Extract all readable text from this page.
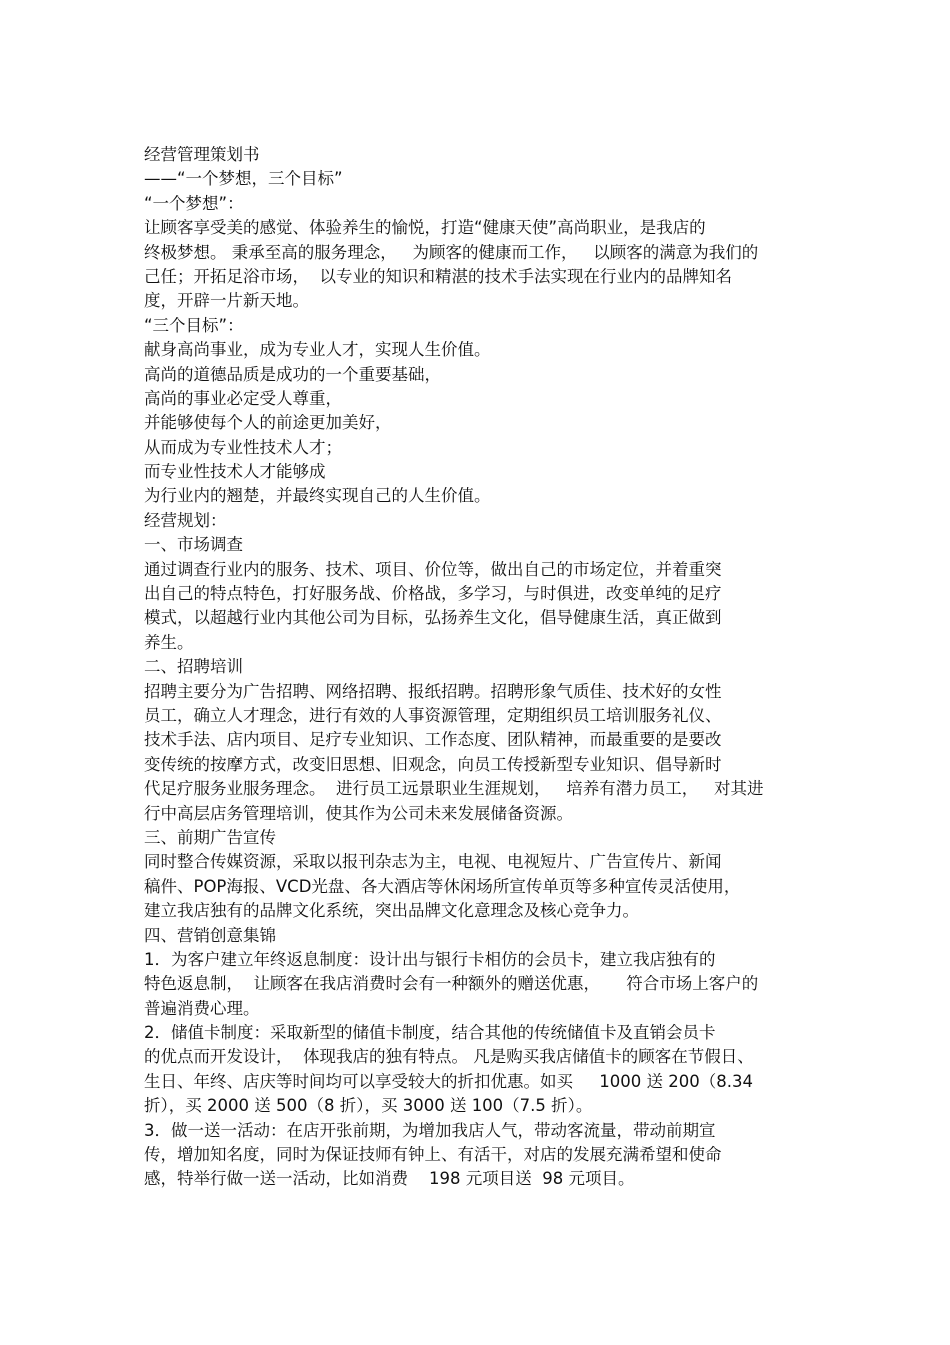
经营管理策划书
——“一个梦想，三个目标”
“一个梦想”：
让顾客享受美的感觉、体验养生的愉悦，打造“健康天使”高尚职业，是我店的
终极梦想。 秉承至高的服务理念，   为顾客的健康而工作，   以顾客的满意为我们的
己任；开拓足浴市场，  以专业的知识和精湛的技术手法实现在行业内的品牌知名
度，开辟一片新天地。
“三个目标”：
献身高尚事业，成为专业人才，实现人生价值。
高尚的道德品质是成功的一个重要基础，
高尚的事业必定受人尊重，
并能够使每个人的前途更加美好，
从而成为专业性技术人才；
而专业性技术人才能够成
为行业内的翘楚，并最终实现自己的人生价值。
经营规划：
一、市场调查
通过调查行业内的服务、技术、项目、价位等，做出自己的市场定位，并着重突
出自己的特点特色，打好服务战、价格战，多学习，与时俱进，改变单纯的足疗
模式，以超越行业内其他公司为目标，弘扬养生文化，倡导健康生活，真正做到
养生。
二、招聘培训
招聘主要分为广告招聘、网络招聘、报纸招聘。招聘形象气质佳、技术好的女性
员工，确立人才理念，进行有效的人事资源管理，定期组织员工培训服务礼仪、
技术手法、店内项目、足疗专业知识、工作态度、团队精神，而最重要的是要改
变传统的按摩方式，改变旧思想、旧观念，向员工传授新型专业知识、倡导新时
代足疗服务业服务理念。  进行员工远景职业生涯规划，   培养有潜力员工，   对其进
行中高层店务管理培训，使其作为公司未来发展储备资源。
三、前期广告宣传
同时整合传媒资源，采取以报刊杂志为主，电视、电视短片、广告宣传片、新闻
稿件、POP海报、VCD光盘、各大酒店等休闲场所宣传单页等多种宣传灵活使用，
建立我店独有的品牌文化系统，突出品牌文化意理念及核心竞争力。
四、营销创意集锦
1．为客户建立年终返息制度：设计出与银行卡相仿的会员卡，建立我店独有的
特色返息制，  让顾客在我店消费时会有一种额外的赠送优惠，     符合市场上客户的
普遍消费心理。
2．储值卡制度：采取新型的储值卡制度，结合其他的传统储值卡及直销会员卡
的优点而开发设计，  体现我店的独有特点。 凡是购买我店储值卡的顾客在节假日、
生日、年终、店庆等时间均可以享受较大的折扣优惠。如买     1000 送 200（8.34
折），买 2000 送 500（8 折），买 3000 送 100（7.5 折）。
3．做一送一活动：在店开张前期，为增加我店人气，带动客流量，带动前期宣
传，增加知名度，同时为保证技师有钟上、有活干，对店的发展充满希望和使命
感，特举行做一送一活动，比如消费    198 元项目送  98 元项目。
